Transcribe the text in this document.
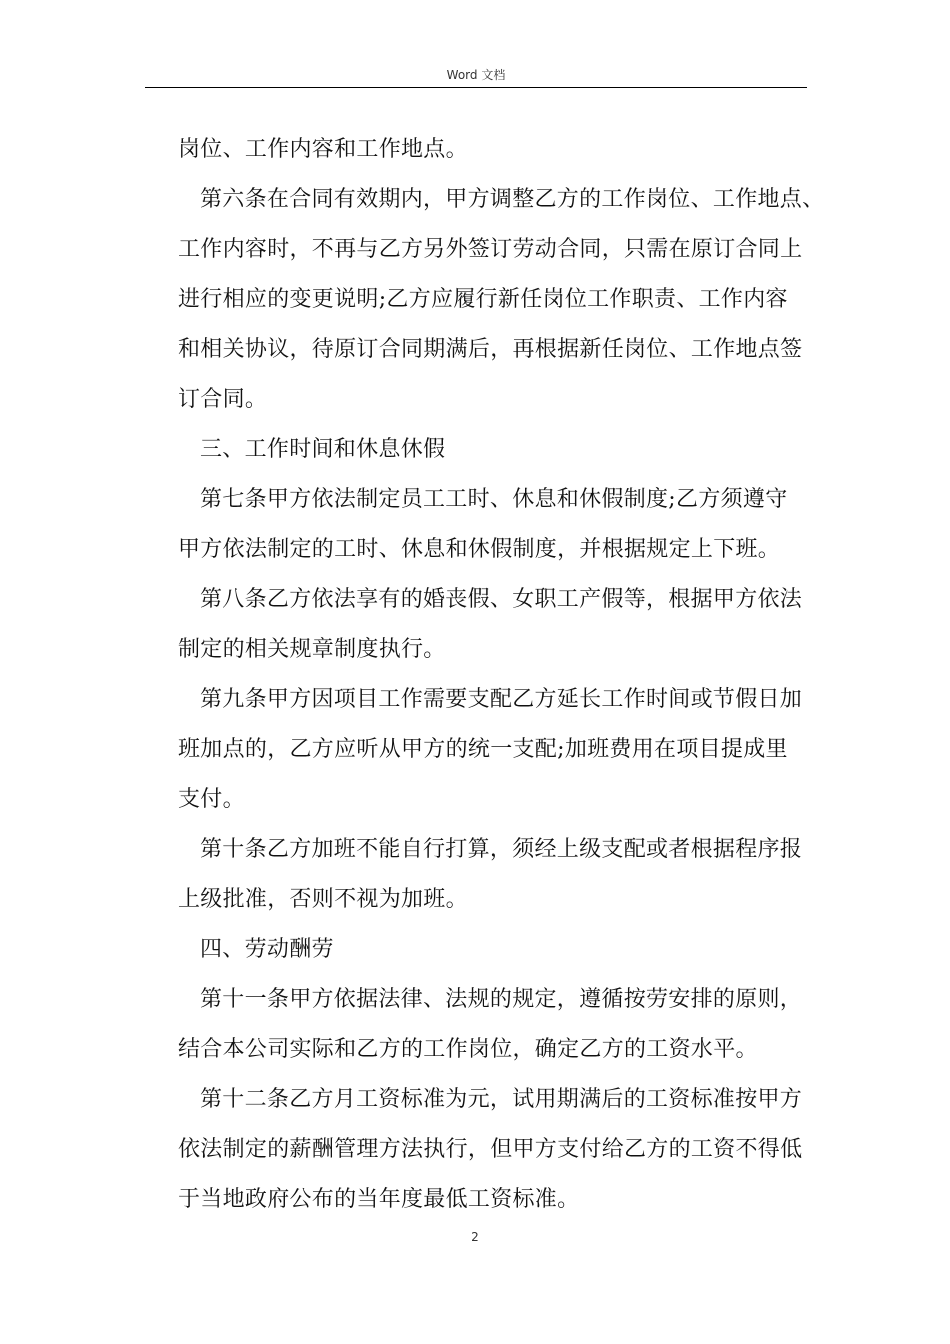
Word 文档
岗位、工作内容和工作地点。
第六条在合同有效期内，甲方调整乙方的工作岗位、工作地点、
工作内容时，不再与乙方另外签订劳动合同，只需在原订合同上
进行相应的变更说明;乙方应履行新任岗位工作职责、工作内容
和相关协议，待原订合同期满后，再根据新任岗位、工作地点签
订合同。
三、工作时间和休息休假
第七条甲方依法制定员工工时、休息和休假制度;乙方须遵守
甲方依法制定的工时、休息和休假制度，并根据规定上下班。
第八条乙方依法享有的婚丧假、女职工产假等，根据甲方依法
制定的相关规章制度执行。
第九条甲方因项目工作需要支配乙方延长工作时间或节假日加
班加点的，乙方应听从甲方的统一支配;加班费用在项目提成里
支付。
第十条乙方加班不能自行打算，须经上级支配或者根据程序报
上级批准，否则不视为加班。
四、劳动酬劳
第十一条甲方依据法律、法规的规定，遵循按劳安排的原则，
结合本公司实际和乙方的工作岗位，确定乙方的工资水平。
第十二条乙方月工资标准为元，试用期满后的工资标准按甲方
依法制定的薪酬管理方法执行，但甲方支付给乙方的工资不得低
于当地政府公布的当年度最低工资标准。
2
